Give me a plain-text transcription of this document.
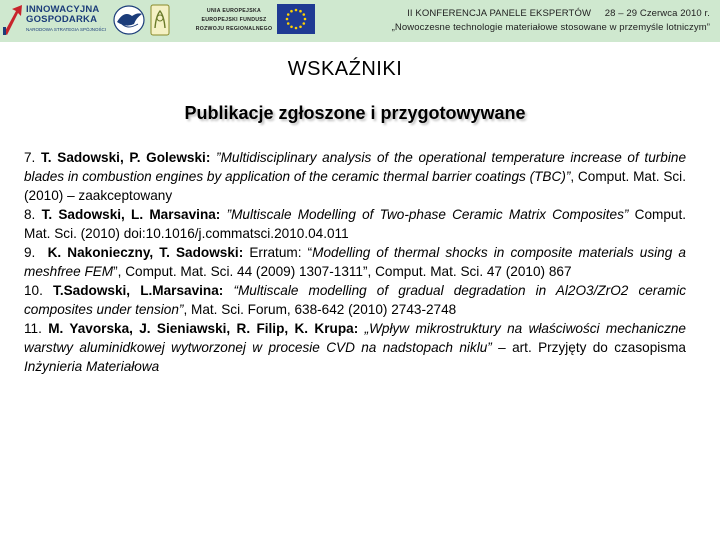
INNOWACYJNA
GOSPODARKA
NARODOWA STRATEGIA SPÓJNOŚCI
UNIA EUROPEJSKA
EUROPEJSKI FUNDUSZ
ROZWOJU REGIONALNEGO
II KONFERENCJA PANELE EKSPERTÓW 28 – 29 Czerwca 2010 r.
„Nowoczesne technologie materiałowe stosowane w przemyśle lotniczym”
WSKAŹNIKI
Publikacje zgłoszone i przygotowywane

7. T. Sadowski, P. Golewski: ”Multidisciplinary analysis of the operational temperature increase of turbine blades in combustion engines by application of the ceramic thermal barrier coatings (TBC)”, Comput. Mat. Sci. (2010) – zaakceptowany

8. T. Sadowski, L. Marsavina: ”Multiscale Modelling of Two-phase Ceramic Matrix Composites” Comput. Mat. Sci. (2010) doi:10.1016/j.commatsci.2010.04.011

9. K. Nakonieczny, T. Sadowski: Erratum: “Modelling of thermal shocks in composite materials using a meshfree FEM”, Comput. Mat. Sci. 44 (2009) 1307-1311”, Comput. Mat. Sci. 47 (2010) 867

10. T.Sadowski, L.Marsavina: “Multiscale modelling of gradual degradation in Al2O3/ZrO2 ceramic composites under tension”, Mat. Sci. Forum, 638-642 (2010) 2743-2748

11. M. Yavorska, J. Sieniawski, R. Filip, K. Krupa: „Wpływ mikrostruktury na właściwości mechaniczne warstwy aluminidkowej wytworzonej w procesie CVD na nadstopach niklu” – art. Przyjęty do czasopisma Inżynieria Materiałowa
